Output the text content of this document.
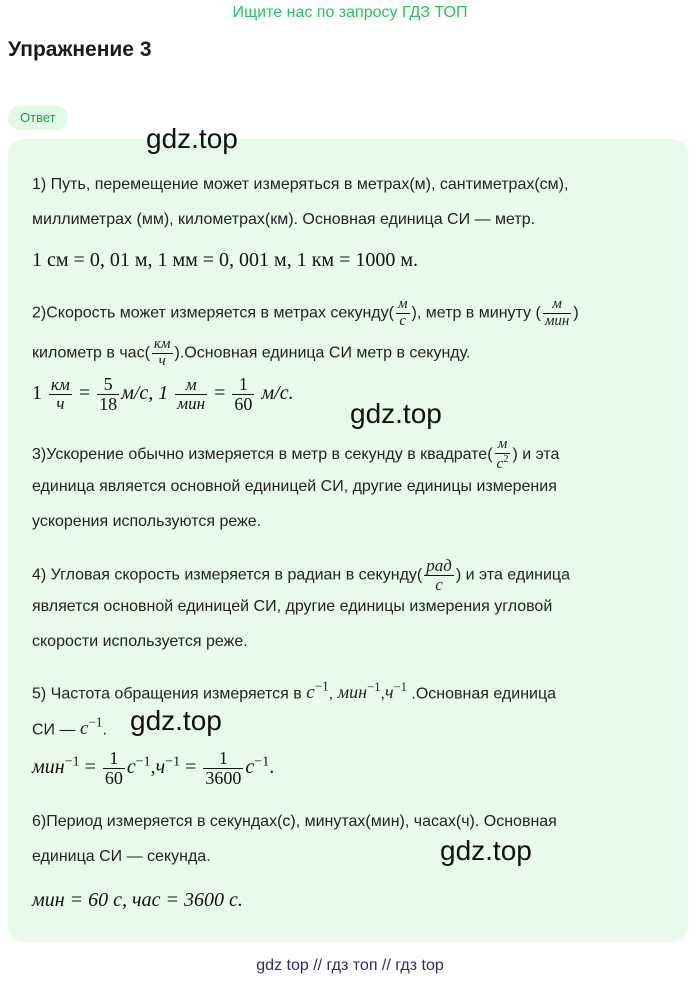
Ищите нас по запросу ГДЗ ТОП
Упражнение 3
Ответ
gdz.top
1) Путь, перемещение может измеряться в метрах(м), сантиметрах(см),
миллиметрах (мм), километрах(км). Основная единица СИ — метр.
1 см = 0, 01 м, 1 мм = 0, 001 м, 1 км = 1000 м.
2)Скорость может измеряется в метрах секунду( $\frac{м}{с}$ ), метр в минуту ( $\frac{м}{\text{мин}}$ )
километр в $час( \frac{км}{ч}$ ).Основная единица СИ метр в секунду.
$1 \frac{км}{ч} = \frac{5}{18} м/с$, $1 \frac{м}{\text{мин}} = \frac{1}{60} м/с$.
gdz.top
3)Ускорение обычно измеряется в метр в секунду в квадрате( $\frac{м}{с^2}$ ) и эта
единица является основной единицей СИ, другие единицы измерения
ускорения используются реже.
4) Угловая скорость измеряется в радиан в секунду( $\frac{\text{рад}}{с}$ ) и эта единица
является основной единицей СИ, другие единицы измерения угловой
скорости используется реже.
5) Частота обращения измеряется в $с^{-1}$, $мин^{-1},ч^{-1}$ .Основная единица
СИ — $с^{-1}$. gdz.top
$мин^{-1} = \frac{1}{60} с^{-1},ч^{-1} = \frac{1}{3600} с^{-1}$.
6)Период измеряется в секундах(с), минутах(мин), часах(ч). Основная
единица СИ — секунда.	gdz.top
мин = 60 с, час = 3600 с.
gdz top // гдз топ // гдз top
